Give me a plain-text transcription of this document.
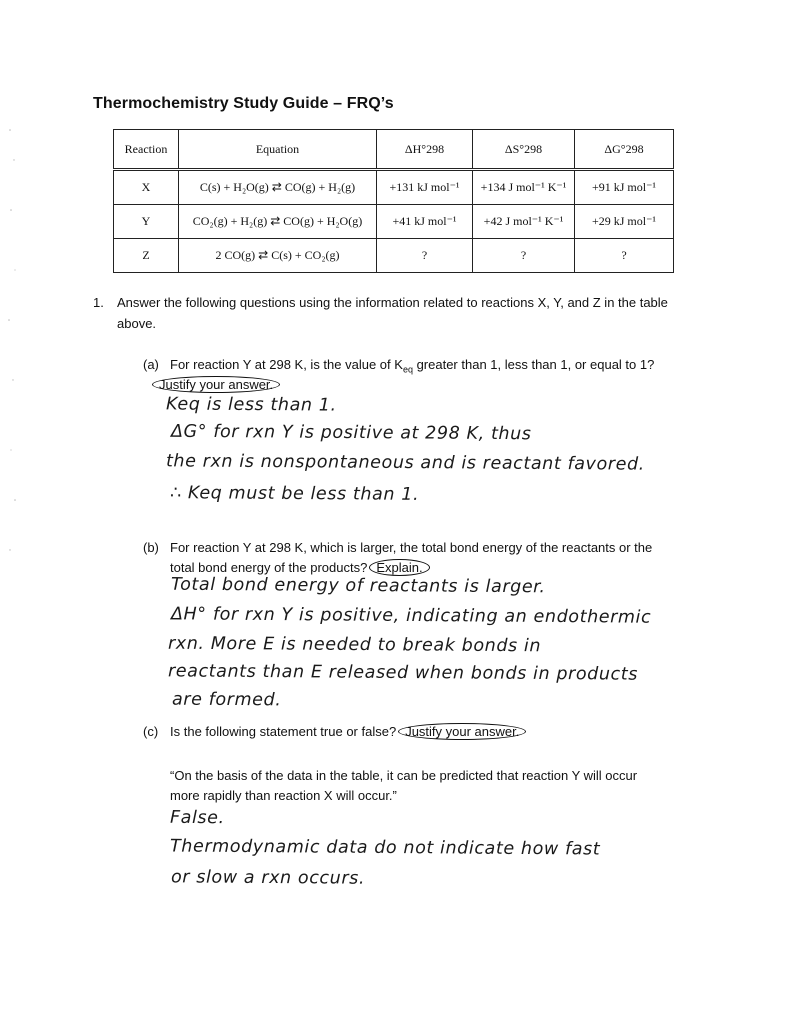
Thermochemistry Study Guide – FRQ’s
Reaction	Equation	ΔH°298	ΔS°298	ΔG°298
X	C(s) + H₂O(g) ⇄ CO(g) + H₂(g)	+131 kJ mol⁻¹	+134 J mol⁻¹ K⁻¹	+91 kJ mol⁻¹
Y	CO₂(g) + H₂(g) ⇄ CO(g) + H₂O(g)	+41 kJ mol⁻¹	+42 J mol⁻¹ K⁻¹	+29 kJ mol⁻¹
Z	2 CO(g) ⇄ C(s) + CO₂(g)	?	?	?
1. Answer the following questions using the information related to reactions X, Y, and Z in the table above.
(a) For reaction Y at 298 K, is the value of $K_{eq}$ greater than 1, less than 1, or equal to 1?
Justify your answer.
Keq is less than 1.
ΔG° for rxn Y is positive at 298 K, thus
the rxn is nonspontaneous and is reactant favored.
∴ Keq must be less than 1.
(b) For reaction Y at 298 K, which is larger, the total bond energy of the reactants or the
total bond energy of the products? Explain.
Total bond energy of reactants is larger.
ΔH° for rxn Y is positive, indicating an endothermic
rxn. More E is needed to break bonds in
reactants than E released when bonds in products
are formed.
(c) Is the following statement true or false? Justify your answer.
“On the basis of the data in the table, it can be predicted that reaction Y will occur
more rapidly than reaction X will occur.”
False.
Thermodynamic data do not indicate how fast
or slow a rxn occurs.
